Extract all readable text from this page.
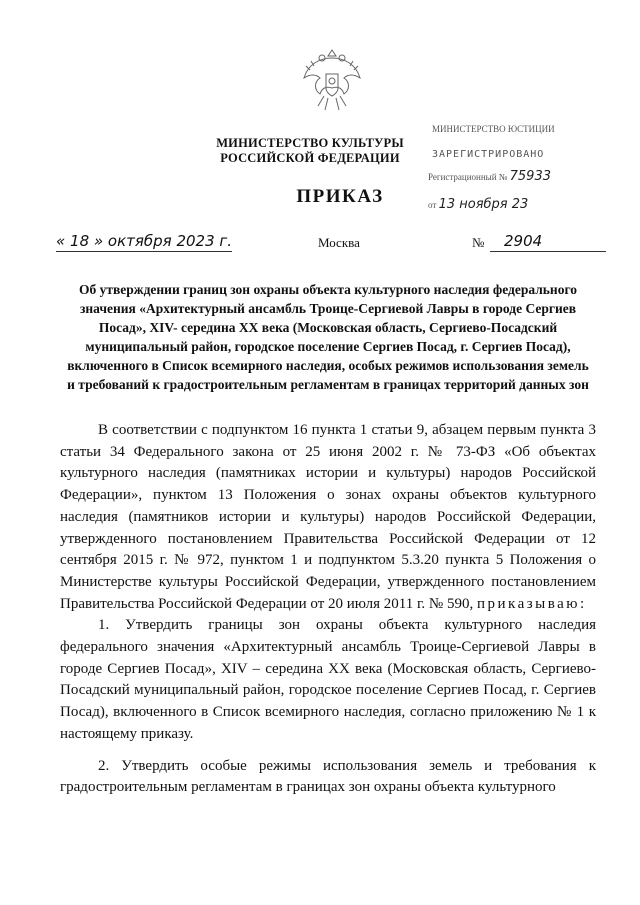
МИНИСТЕРСТВО КУЛЬТУРЫ
РОССИЙСКОЙ ФЕДЕРАЦИИ
МИНИСТЕРСТВО ЮСТИЦИИ
ЗАРЕГИСТРИРОВАНО
Регистрационный № 75933
от 13 ноября 23
ПРИКАЗ
« 18 » октября 2023 г.	Москва	№	2904
Об утверждении границ зон охраны объекта культурного наследия федерального значения «Архитектурный ансамбль Троице-Сергиевой Лавры в городе Сергиев Посад», XIV- середина XX века (Московская область, Сергиево-Посадский муниципальный район, городское поселение Сергиев Посад, г. Сергиев Посад), включенного в Список всемирного наследия, особых режимов использования земель и требований к градостроительным регламентам в границах территорий данных зон

В соответствии с подпунктом 16 пункта 1 статьи 9, абзацем первым пункта 3 статьи 34 Федерального закона от 25 июня 2002 г. № 73-ФЗ «Об объектах культурного наследия (памятниках истории и культуры) народов Российской Федерации», пунктом 13 Положения о зонах охраны объектов культурного наследия (памятников истории и культуры) народов Российской Федерации, утвержденного постановлением Правительства Российской Федерации от 12 сентября 2015 г. № 972, пунктом 1 и подпунктом 5.3.20 пункта 5 Положения о Министерстве культуры Российской Федерации, утвержденного постановлением Правительства Российской Федерации от 20 июля 2011 г. № 590, приказываю:

1. Утвердить границы зон охраны объекта культурного наследия федерального значения «Архитектурный ансамбль Троице-Сергиевой Лавры в городе Сергиев Посад», XIV – середина XX века (Московская область, Сергиево-Посадский муниципальный район, городское поселение Сергиев Посад, г. Сергиев Посад), включенного в Список всемирного наследия, согласно приложению № 1 к настоящему приказу.

2. Утвердить особые режимы использования земель и требования к градостроительным регламентам в границах зон охраны объекта культурного
